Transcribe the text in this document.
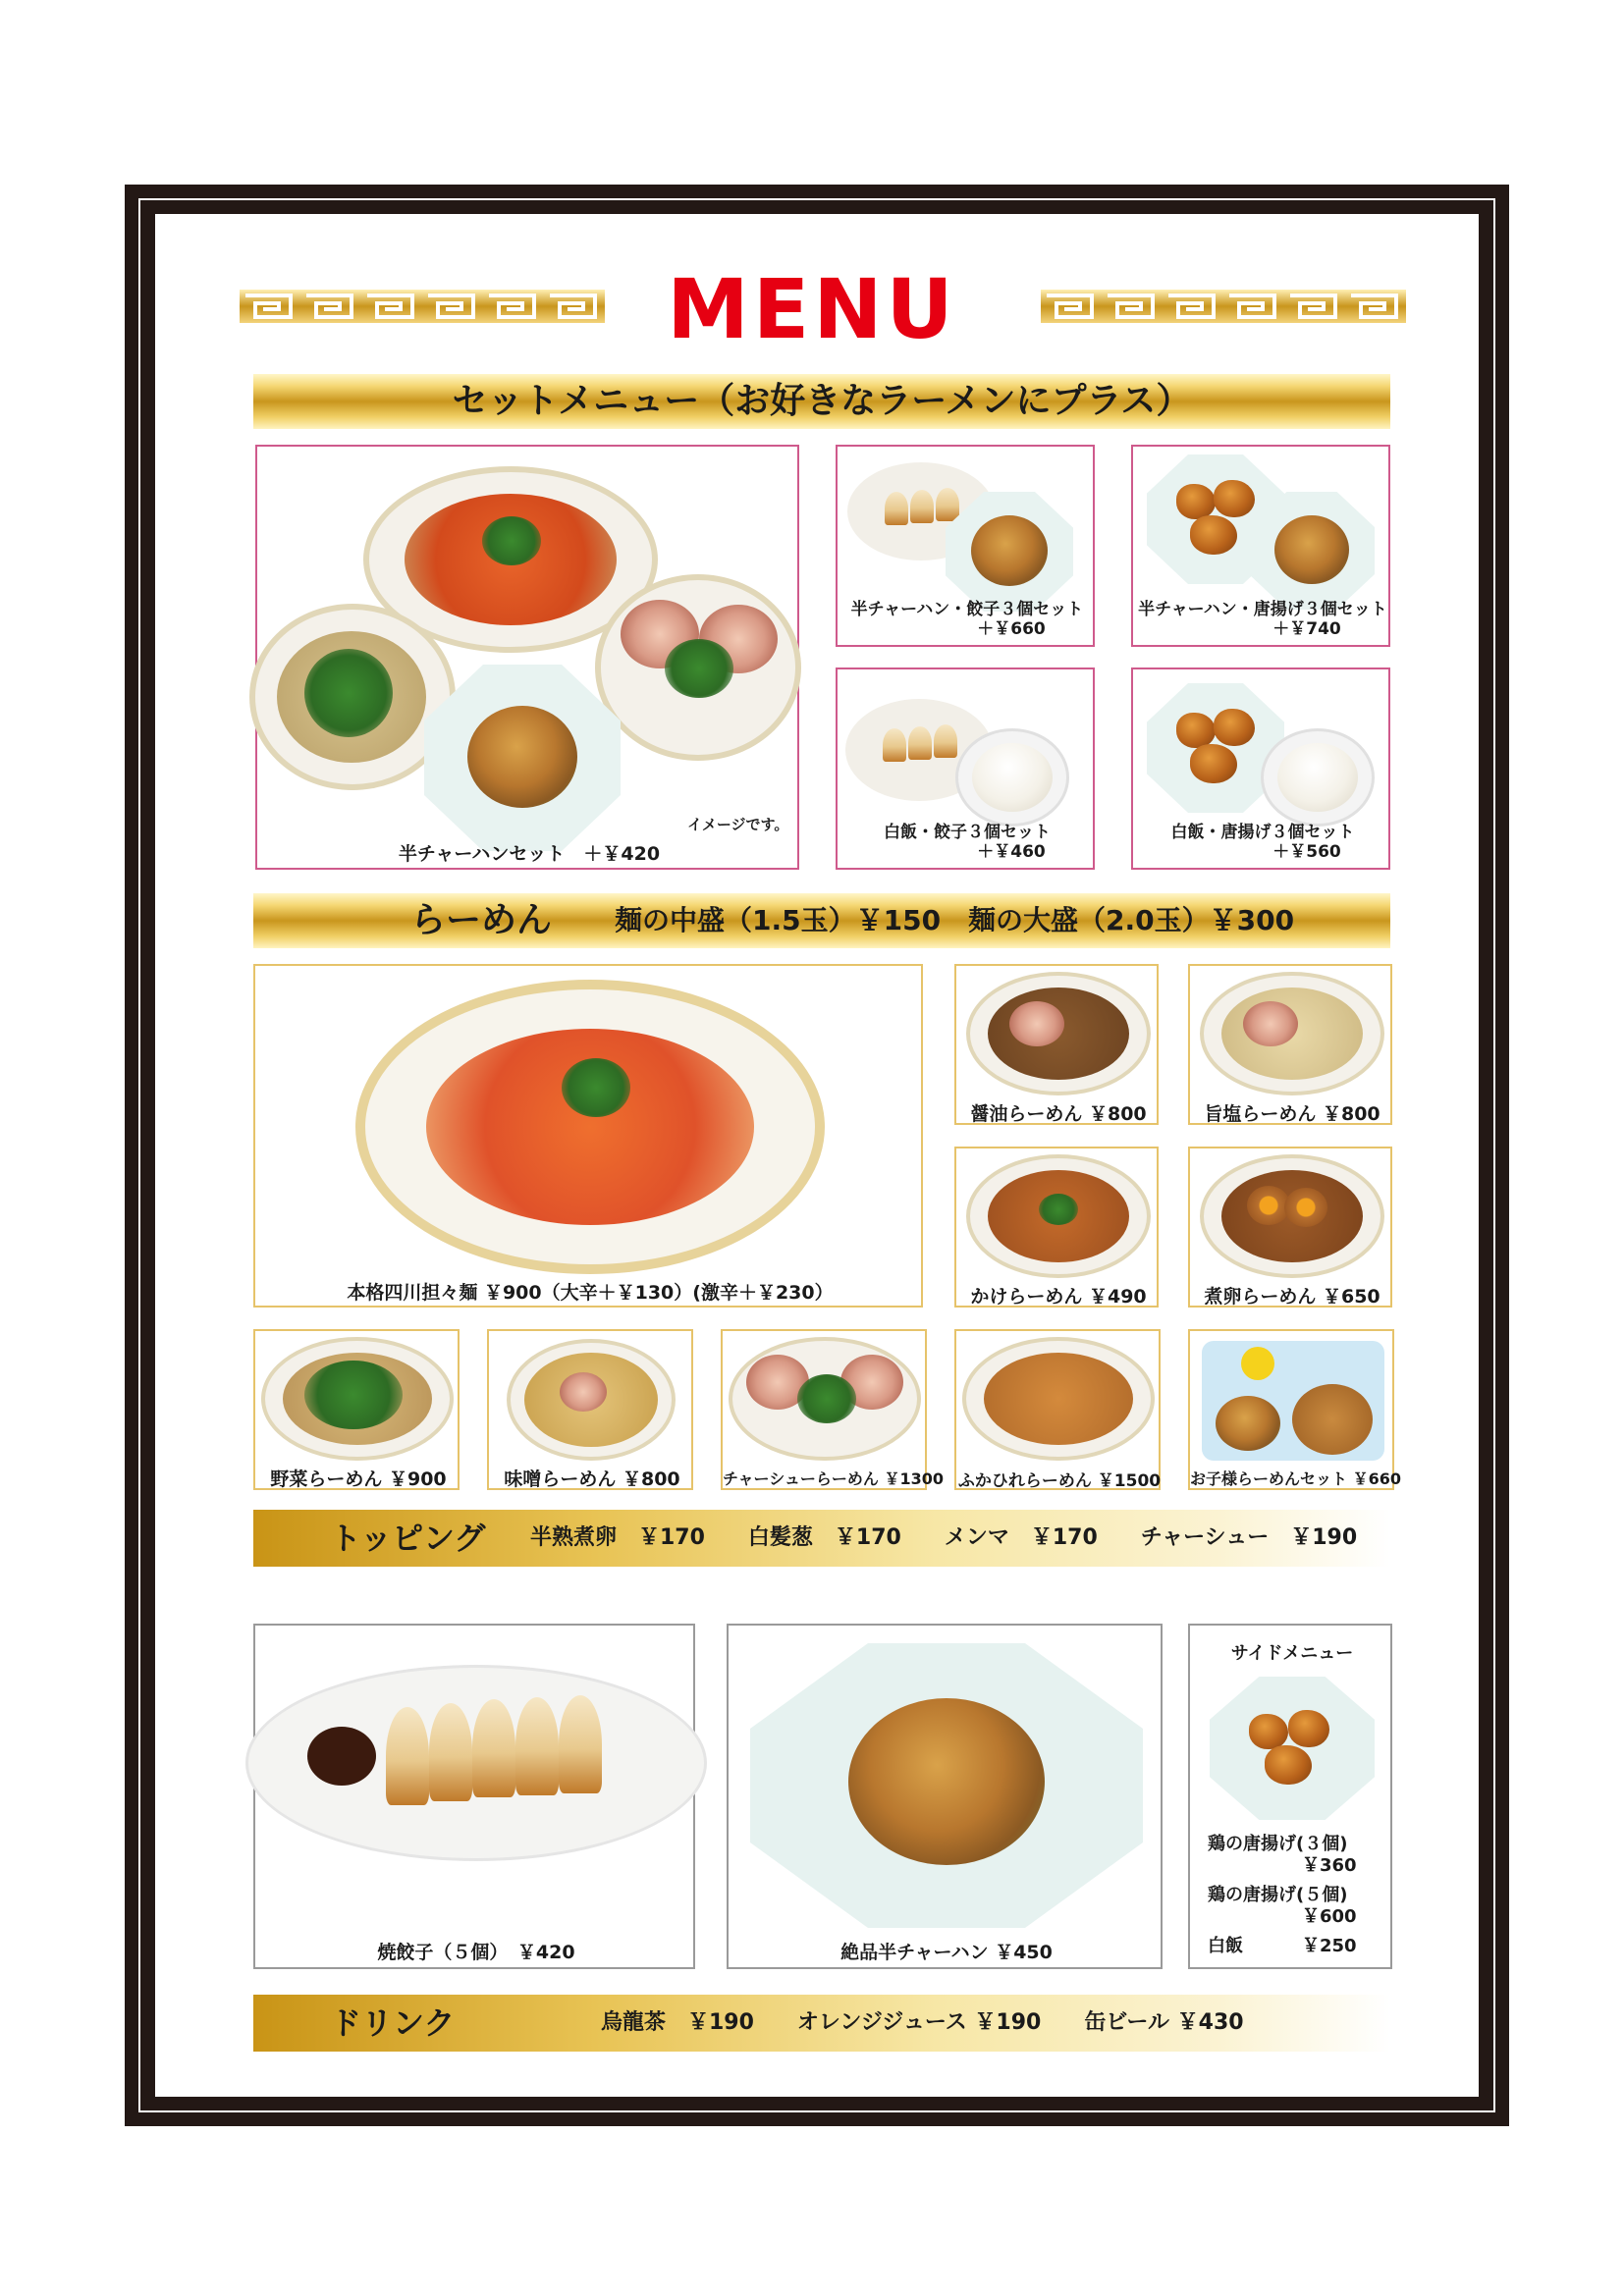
MENU
セットメニュー（お好きなラーメンにプラス）
イメージです。
半チャーハンセット　＋￥420
半チャーハン・餃子３個セット
＋￥660
半チャーハン・唐揚げ３個セット
＋￥740
白飯・餃子３個セット
＋￥460
白飯・唐揚げ３個セット
＋￥560
らーめん 麺の中盛（1.5玉）￥150　麺の大盛（2.0玉）￥300
本格四川担々麺 ￥900（大辛＋￥130）(激辛＋￥230）
醤油らーめん ￥800	旨塩らーめん ￥800
かけらーめん ￥490	煮卵らーめん ￥650
野菜らーめん ￥900	味噌らーめん ￥800	チャーシューらーめん ￥1300 ふかひれらーめん ￥1500 お子様らーめんセット ￥660
トッピング 半熟煮卵　￥170　　白髪葱　￥170　　メンマ　￥170　　チャーシュー　￥190
焼餃子（５個）　￥420	絶品半チャーハン ￥450
サイドメニュー
鶏の唐揚げ(３個)
￥360
鶏の唐揚げ(５個)
￥600
白飯	￥250
ドリンク	烏龍茶　￥190　　オレンジジュース ￥190　　缶ビール ￥430
